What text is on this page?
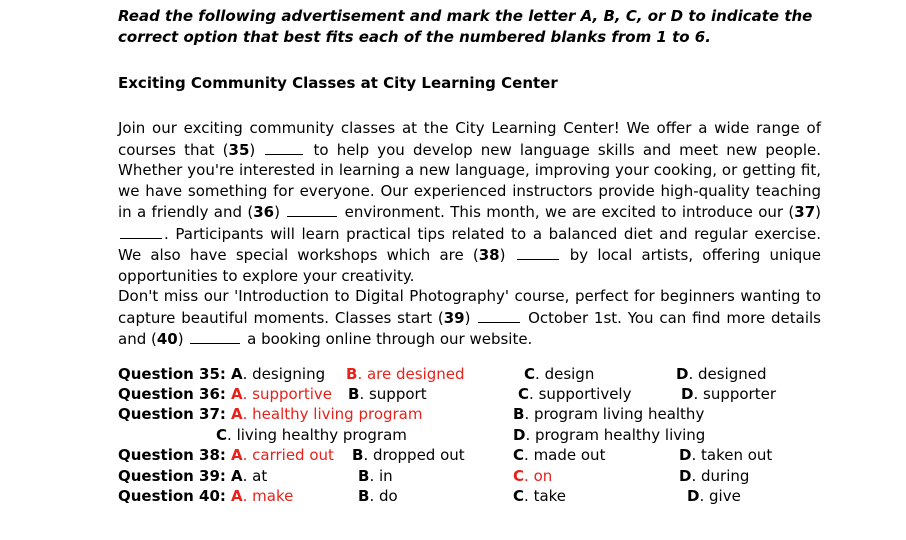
Read the following advertisement and mark the letter A, B, C, or D to indicate the correct option that best fits each of the numbered blanks from 1 to 6.
Exciting Community Classes at City Learning Center

Join our exciting community classes at the City Learning Center! We offer a wide range of courses that (35)	to help you develop new language skills and meet new people. Whether you're interested in learning a new language, improving your cooking, or getting fit, we have something for everyone. Our experienced instructors provide high-quality teaching in a friendly and (36)	environment. This month, we are excited to introduce our (37) . Participants will learn practical tips related to a balanced diet and regular exercise. We also have special workshops which are (38)	by local artists, offering unique opportunities to explore your creativity.

Don't miss our 'Introduction to Digital Photography' course, perfect for beginners wanting to capture beautiful moments. Classes start (39)	October 1st. You can find more details and (40)	a booking online through our website.

Question 35: A. designing B. are designed	C. design	D. designed
Question 36: A. supportive B. support	C. supportively	D. supporter
Question 37: A. healthy living program	B. program living healthy
C. living healthy program	D. program healthy living
Question 38: A. carried out B. dropped out	C. made out	D. taken out
Question 39: A. at	B. in	C. on	D. during
Question 40: A. make	B. do	C. take	D. give
